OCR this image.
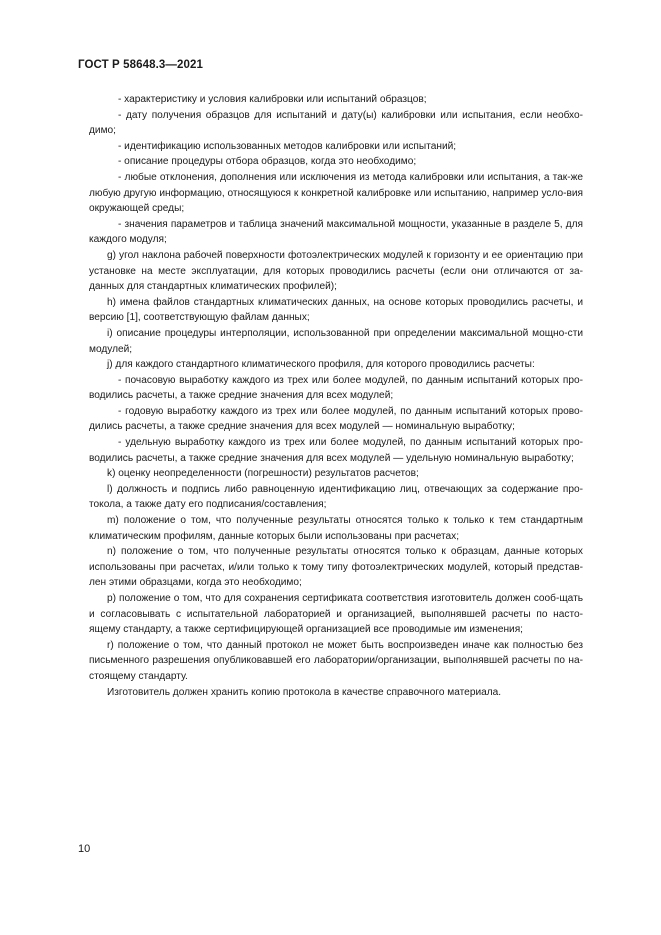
ГОСТ Р 58648.3—2021

- характеристику и условия калибровки или испытаний образцов;

- дату получения образцов для испытаний и дату(ы) калибровки или испытания, если необхо-димо;

- идентификацию использованных методов калибровки или испытаний;

- описание процедуры отбора образцов, когда это необходимо;

- любые отклонения, дополнения или исключения из метода калибровки или испытания, а так-же любую другую информацию, относящуюся к конкретной калибровке или испытанию, например усло-вия окружающей среды;

- значения параметров и таблица значений максимальной мощности, указанные в разделе 5, для каждого модуля;

g) угол наклона рабочей поверхности фотоэлектрических модулей к горизонту и ее ориентацию при установке на месте эксплуатации, для которых проводились расчеты (если они отличаются от за-данных для стандартных климатических профилей);

h) имена файлов стандартных климатических данных, на основе которых проводились расчеты, и версию [1], соответствующую файлам данных;

i) описание процедуры интерполяции, использованной при определении максимальной мощно-сти модулей;

j) для каждого стандартного климатического профиля, для которого проводились расчеты:

- почасовую выработку каждого из трех или более модулей, по данным испытаний которых про-водились расчеты, а также средние значения для всех модулей;

- годовую выработку каждого из трех или более модулей, по данным испытаний которых прово-дились расчеты, а также средние значения для всех модулей — номинальную выработку;

- удельную выработку каждого из трех или более модулей, по данным испытаний которых про-водились расчеты, а также средние значения для всех модулей — удельную номинальную выработку;

k) оценку неопределенности (погрешности) результатов расчетов;

l) должность и подпись либо равноценную идентификацию лиц, отвечающих за содержание про-токола, а также дату его подписания/составления;

m) положение о том, что полученные результаты относятся только к только к тем стандартным климатическим профилям, данные которых были использованы при расчетах;

n) положение о том, что полученные результаты относятся только к образцам, данные которых использованы при расчетах, и/или только к тому типу фотоэлектрических модулей, который представ-лен этими образцами, когда это необходимо;

p) положение о том, что для сохранения сертификата соответствия изготовитель должен сооб-щать и согласовывать с испытательной лабораторией и организацией, выполнявшей расчеты по насто-ящему стандарту, а также сертифицирующей организацией все проводимые им изменения;

r) положение о том, что данный протокол не может быть воспроизведен иначе как полностью без письменного разрешения опубликовавшей его лаборатории/организации, выполнявшей расчеты по на-стоящему стандарту.

Изготовитель должен хранить копию протокола в качестве справочного материала.

10
